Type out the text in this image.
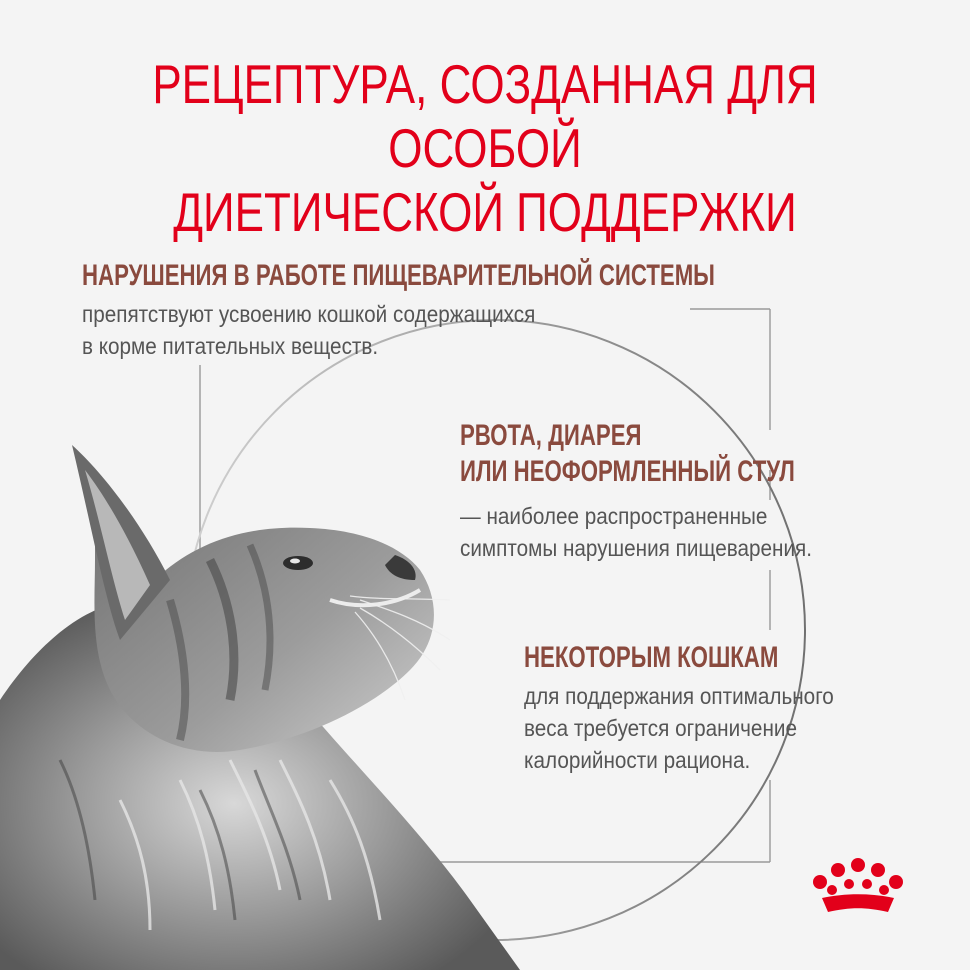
РЕЦЕПТУРА, СОЗДАННАЯ ДЛЯ ОСОБОЙ
ДИЕТИЧЕСКОЙ ПОДДЕРЖКИ
НАРУШЕНИЯ В РАБОТЕ ПИЩЕВАРИТЕЛЬНОЙ СИСТЕМЫ
препятствуют усвоению кошкой содержащихся
в корме питательных веществ.
РВОТА, ДИАРЕЯ
ИЛИ НЕОФОРМЛЕННЫЙ СТУЛ
— наиболее распространенные
симптомы нарушения пищеварения.
НЕКОТОРЫМ КОШКАМ
для поддержания оптимального
веса требуется ограничение
калорийности рациона.
